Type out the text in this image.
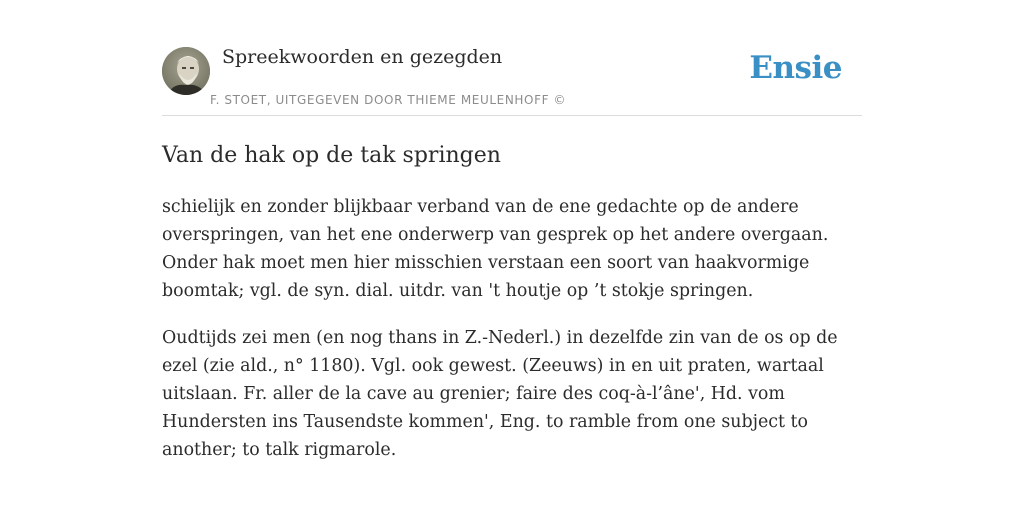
Spreekwoorden en gezegden
F. STOET, UITGEGEVEN DOOR THIEME MEULENHOFF ©
Ensie
Van de hak op de tak springen

schielijk en zonder blijkbaar verband van de ene gedachte op de andere overspringen, van het ene onderwerp van gesprek op het andere overgaan. Onder hak moet men hier misschien verstaan een soort van haakvormige boomtak; vgl. de syn. dial. uitdr. van 't houtje op ’t stokje springen.

Oudtijds zei men (en nog thans in Z.-Nederl.) in dezelfde zin van de os op de ezel (zie ald., n° 1180). Vgl. ook gewest. (Zeeuws) in en uit praten, wartaal uitslaan. Fr. aller de la cave au grenier; faire des coq-à-l’âne', Hd. vom Hundersten ins Tausendste kommen', Eng. to ramble from one subject to another; to talk rigmarole.
